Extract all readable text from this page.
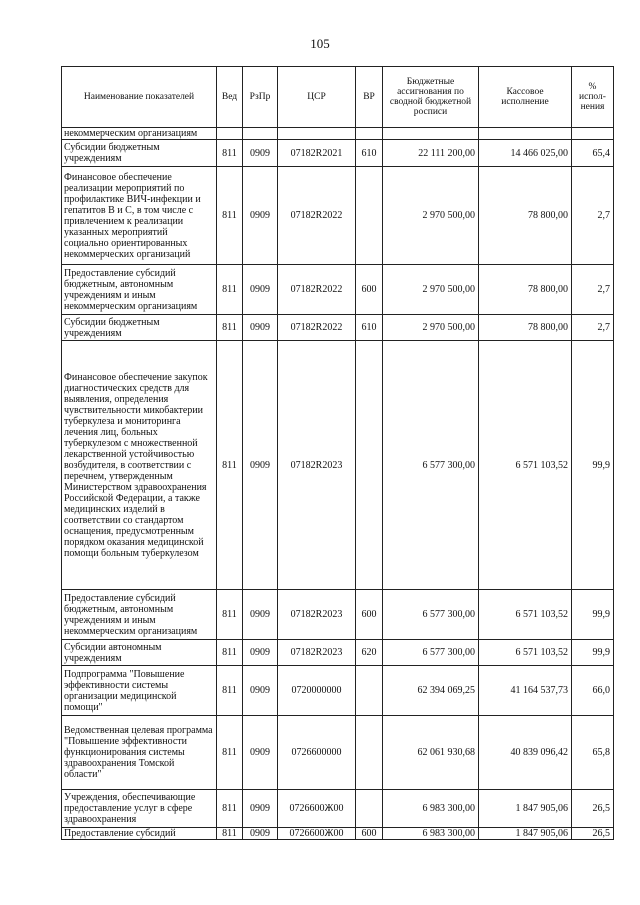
105
Наименование показателей	Вед	РзПр	ЦСР	ВР	Бюджетные ассигнования по сводной бюджетной росписи	Кассовое исполнение	% испол-нения
некоммерческим организациям							
Субсидии бюджетным учреждениям	811	0909	07182R2021	610	22 111 200,00	14 466 025,00	65,4
Финансовое обеспечение реализации мероприятий по профилактике ВИЧ-инфекции и гепатитов B и C, в том числе с привлечением к реализации указанных мероприятий социально ориентированных некоммерческих организаций	811	0909	07182R2022		2 970 500,00	78 800,00	2,7
Предоставление субсидий бюджетным, автономным учреждениям и иным некоммерческим организациям	811	0909	07182R2022	600	2 970 500,00	78 800,00	2,7
Субсидии бюджетным учреждениям	811	0909	07182R2022	610	2 970 500,00	78 800,00	2,7
Финансовое обеспечение закупок диагностических средств для выявления, определения чувствительности микобактерии туберкулеза и мониторинга лечения лиц, больных туберкулезом с множественной лекарственной устойчивостью возбудителя, в соответствии с перечнем, утвержденным Министерством здравоохранения Российской Федерации, а также медицинских изделий в соответствии со стандартом оснащения, предусмотренным порядком оказания медицинской помощи больным туберкулезом	811	0909	07182R2023		6 577 300,00	6 571 103,52	99,9
Предоставление субсидий бюджетным, автономным учреждениям и иным некоммерческим организациям	811	0909	07182R2023	600	6 577 300,00	6 571 103,52	99,9
Субсидии автономным учреждениям	811	0909	07182R2023	620	6 577 300,00	6 571 103,52	99,9
Подпрограмма "Повышение эффективности системы организации медицинской помощи"	811	0909	0720000000		62 394 069,25	41 164 537,73	66,0
Ведомственная целевая программа "Повышение эффективности функционирования системы здравоохранения Томской области"	811	0909	0726600000		62 061 930,68	40 839 096,42	65,8
Учреждения, обеспечивающие предоставление услуг в сфере здравоохранения	811	0909	0726600Ж00		6 983 300,00	1 847 905,06	26,5
Предоставление субсидий	811	0909	0726600Ж00	600	6 983 300,00	1 847 905,06	26,5
